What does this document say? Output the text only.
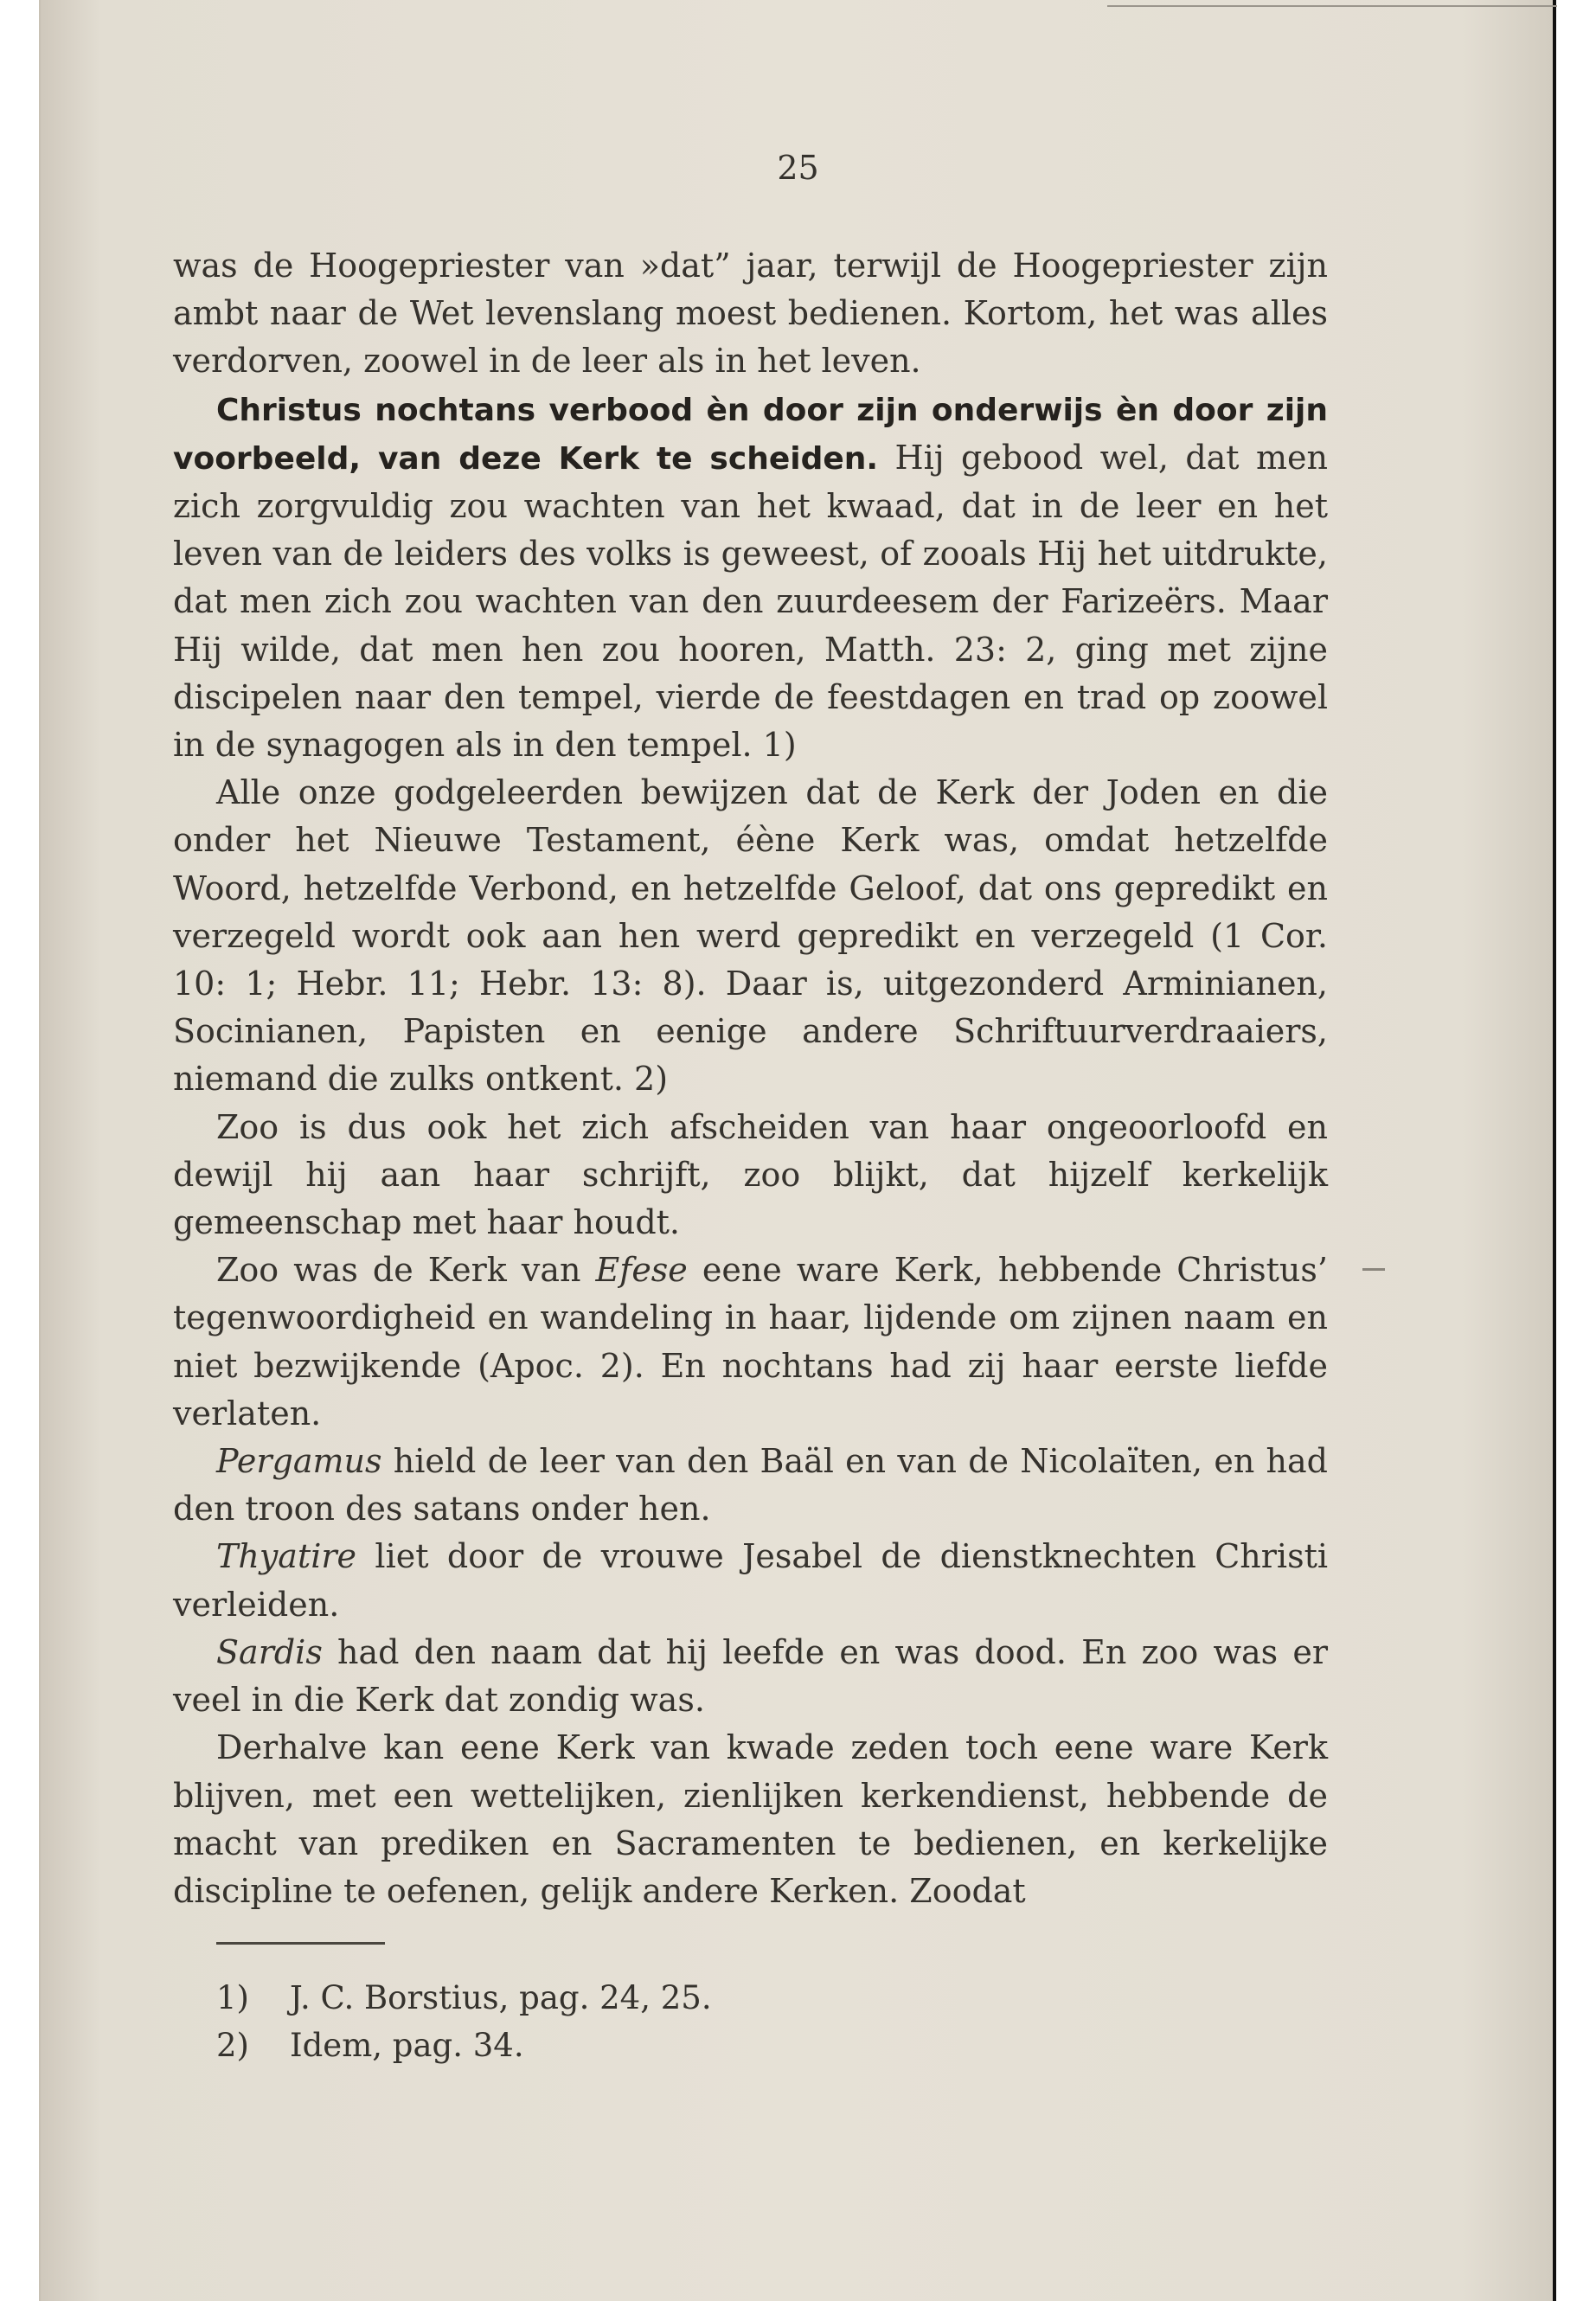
25

was de Hoogepriester van »dat” jaar, terwijl de Hoogepriester zijn ambt naar de Wet levenslang moest bedienen. Kortom, het was alles verdorven, zoowel in de leer als in het leven.

Christus nochtans verbood èn door zijn onderwijs èn door zijn voorbeeld, van deze Kerk te scheiden. Hij gebood wel, dat men zich zorgvuldig zou wachten van het kwaad, dat in de leer en het leven van de leiders des volks is geweest, of zooals Hij het uitdrukte, dat men zich zou wachten van den zuurdeesem der Farizeërs. Maar Hij wilde, dat men hen zou hooren, Matth. 23: 2, ging met zijne discipelen naar den tempel, vierde de feestdagen en trad op zoowel in de synagogen als in den tempel. 1)

Alle onze godgeleerden bewijzen dat de Kerk der Joden en die onder het Nieuwe Testament, éène Kerk was, omdat hetzelfde Woord, hetzelfde Verbond, en hetzelfde Geloof, dat ons gepredikt en verzegeld wordt ook aan hen werd gepredikt en verzegeld (1 Cor. 10: 1; Hebr. 11; Hebr. 13: 8). Daar is, uitgezonderd Arminianen, Socinianen, Papisten en eenige andere Schriftuurverdraaiers, niemand die zulks ontkent. 2)

Zoo is dus ook het zich afscheiden van haar ongeoorloofd en dewijl hij aan haar schrijft, zoo blijkt, dat hijzelf kerkelijk gemeenschap met haar houdt.

Zoo was de Kerk van Efese eene ware Kerk, hebbende Christus’ tegenwoordigheid en wandeling in haar, lijdende om zijnen naam en niet bezwijkende (Apoc. 2). En nochtans had zij haar eerste liefde verlaten.

Pergamus hield de leer van den Baäl en van de Nicolaïten, en had den troon des satans onder hen.

Thyatire liet door de vrouwe Jesabel de dienstknechten Christi verleiden.

Sardis had den naam dat hij leefde en was dood. En zoo was er veel in die Kerk dat zondig was.

Derhalve kan eene Kerk van kwade zeden toch eene ware Kerk blijven, met een wettelijken, zienlijken kerkendienst, hebbende de macht van prediken en Sacramenten te bedienen, en kerkelijke discipline te oefenen, gelijk andere Kerken. Zoodat

1) J. C. Borstius, pag. 24, 25.
2) Idem, pag. 34.
